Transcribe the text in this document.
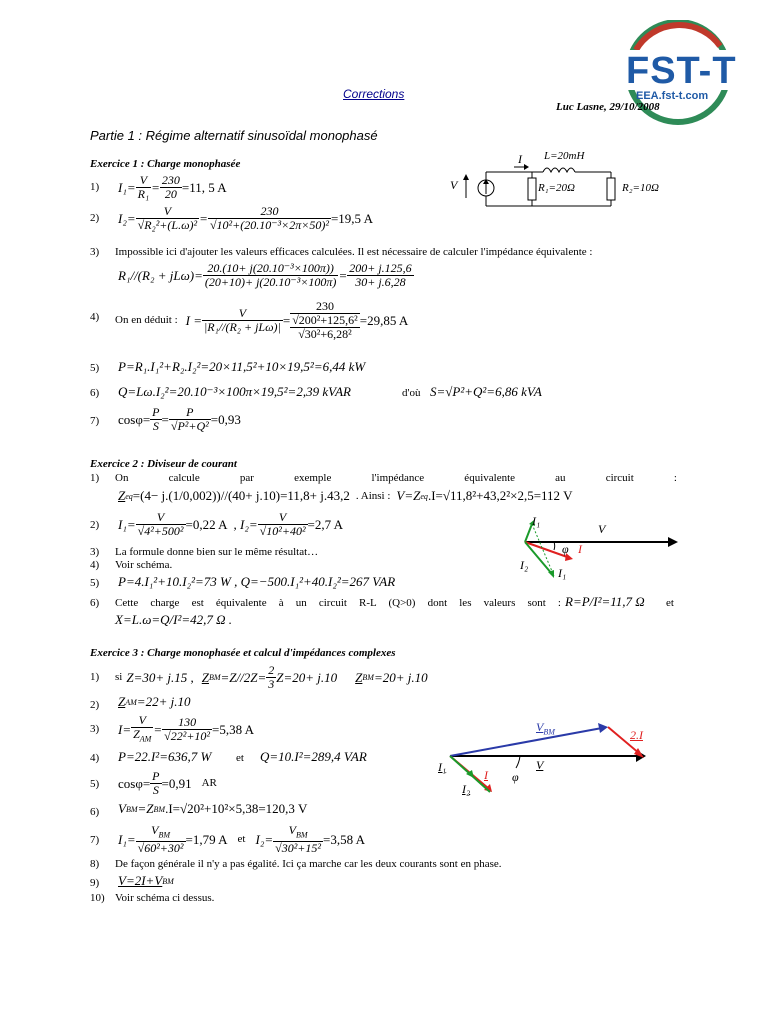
FST-T
EEA.fst-t.com
Corrections
Luc Lasne, 29/10/2008
Partie 1 : Régime alternatif sinusoïdal monophasé
Exercice 1 : Charge monophasée
V
I L=20mH
R₁=20Ω	R₂=10Ω
1) $I_1= \frac{V}{\text{R₁}} = \frac{230}{20} =11$, 5 A
2) $I_2= \frac{V}{\text{√R₂²+(L.ω)²}} = \frac{230}{\text{√10²+(20.10⁻³×2π×50)²}} =19,5$ A
3) Impossible ici d'ajouter les valeurs efficaces calculées. Il est nécessaire de calculer l'impédance équivalente :
$R_1//(R_2 + jL\omega)= \frac{\text{20.(10+ j(20.10⁻³×100π))}}{\text{(20+10)+ j(20.10⁻³×100π)}} = \frac{200+ j.125,6}{30+ j.6,28}$
4) On en déduit : $I = \frac{V}{\text{|R₁//(R₂ + jLω)|}}$ =
230
√200²+125,6²
√30²+6,28²
=29,85 A
5) P=R₁.I₁²+R₂.I₂²=20×11,5²+10×19,5²=6,44 kW
6) Q=Lω.I₂²=20.10⁻³×100π×19,5²=2,39 kVAR	d'où S=√P²+Q²=6,86 kVA
7) $\cos\varphi= \frac{P}{S} = \frac{P}{\text{√P²+Q²}} =0,93$
Exercice 2 : Diviseur de courant
1) On calcule par exemple l'impédance équivalente au circuit :
Z eq =(4− j.(1/0,002))//(40+ j.10)=11,8+ j.43,2 . Ainsi : V=Z eq .I=√11,8²+43,2²×2,5=112 V
2) $I_1= \frac{V}{\text{√4²+500²}} =0,22$ A , $I_2= \frac{V}{\text{√10²+40²}} =2,7$ A
3) La formule donne bien sur le même résultat…
4) Voir schéma.
5) P=4.I₁²+10.I₂²=73 W , Q=−500.I₁²+40.I₂²=267 VAR
6) Cette charge est équivalente à un circuit R-L (Q>0) dont les valeurs sont : R=P/I²=11,7 Ω et
X=L.ω=Q/I²=42,7 Ω .
I₁
V
φ I
I₂
I₁
Exercice 3 : Charge monophasée et calcul d'impédances complexes
1) si Z=30+ j.15 , Z BM $=Z//2Z= \frac{2}{3} Z=20+ j.10$ Z BM =20+ j.10
2) Z AM =22+ j.10
3) $I= \frac{V}{Z_{AM}} = \frac{130}{\text{√22²+10²}} =5,38$ A
4) P=22.I²=636,7 W et Q=10.I²=289,4 VAR
5) $\cos\varphi= \frac{P}{S} =0,91$ AR
6) V BM =Z BM .I=√20²+10²×5,38=120,3 V
7) $I_1= \frac{V_{BM}}{\text{√60²+30²}} =1,79$ A et $I_2= \frac{V_{BM}}{\text{√30²+15²}} =3,58$ A
8) De façon générale il n'y a pas égalité. Ici ça marche car les deux courants sont en phase.
9) V=2I+V BM
10) Voir schéma ci dessus.
$V_{BM}$	2.I
I₁
I
V
φ
I₂
